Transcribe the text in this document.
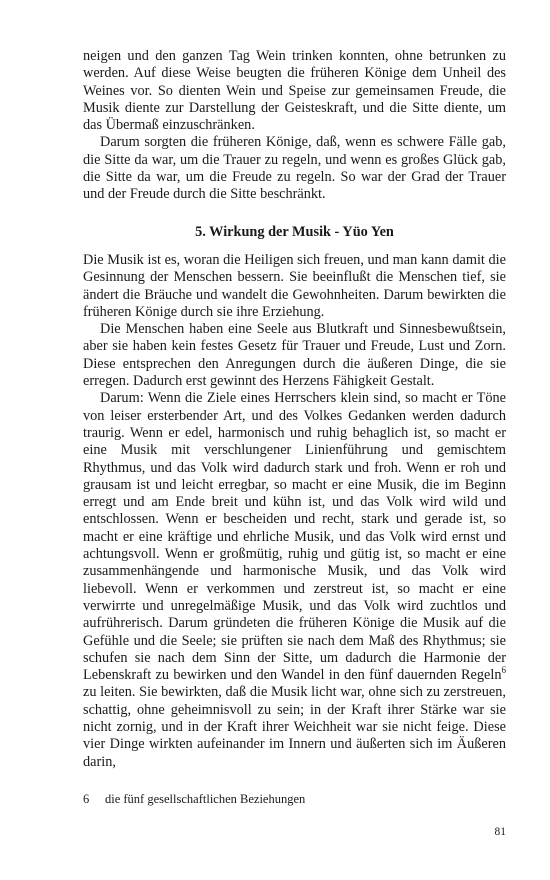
neigen und den ganzen Tag Wein trinken konnten, ohne betrunken zu werden. Auf diese Weise beugten die früheren Könige dem Unheil des Weines vor. So dienten Wein und Speise zur gemeinsamen Freude, die Musik diente zur Darstellung der Geisteskraft, und die Sitte diente, um das Übermaß einzuschränken.

Darum sorgten die früheren Könige, daß, wenn es schwere Fälle gab, die Sitte da war, um die Trauer zu regeln, und wenn es großes Glück gab, die Sitte da war, um die Freude zu regeln. So war der Grad der Trauer und der Freude durch die Sitte beschränkt.

5. Wirkung der Musik - Yüo Yen

Die Musik ist es, woran die Heiligen sich freuen, und man kann damit die Gesinnung der Menschen bessern. Sie beeinflußt die Menschen tief, sie ändert die Bräuche und wandelt die Gewohnheiten. Darum bewirkten die früheren Könige durch sie ihre Erziehung.

Die Menschen haben eine Seele aus Blutkraft und Sinnesbewußtsein, aber sie haben kein festes Gesetz für Trauer und Freude, Lust und Zorn. Diese entsprechen den Anregungen durch die äußeren Dinge, die sie erregen. Dadurch erst gewinnt des Herzens Fähigkeit Gestalt.

Darum: Wenn die Ziele eines Herrschers klein sind, so macht er Töne von leiser ersterbender Art, und des Volkes Gedanken werden dadurch traurig. Wenn er edel, harmonisch und ruhig behaglich ist, so macht er eine Musik mit verschlungener Linienführung und gemischtem Rhythmus, und das Volk wird dadurch stark und froh. Wenn er roh und grausam ist und leicht erregbar, so macht er eine Musik, die im Beginn erregt und am Ende breit und kühn ist, und das Volk wird wild und entschlossen. Wenn er bescheiden und recht, stark und gerade ist, so macht er eine kräftige und ehrliche Musik, und das Volk wird ernst und achtungsvoll. Wenn er großmütig, ruhig und gütig ist, so macht er eine zusammenhängende und harmonische Musik, und das Volk wird liebevoll. Wenn er verkommen und zerstreut ist, so macht er eine verwirrte und unregelmäßige Musik, und das Volk wird zuchtlos und aufrührerisch. Darum gründeten die früheren Könige die Musik auf die Gefühle und die Seele; sie prüften sie nach dem Maß des Rhythmus; sie schufen sie nach dem Sinn der Sitte, um dadurch die Harmonie der Lebenskraft zu bewirken und den Wandel in den fünf dauernden Regeln$^6$ zu leiten. Sie bewirkten, daß die Musik licht war, ohne sich zu zerstreuen, schattig, ohne geheimnisvoll zu sein; in der Kraft ihrer Stärke war sie nicht zornig, und in der Kraft ihrer Weichheit war sie nicht feige. Diese vier Dinge wirkten aufeinander im Innern und äußerten sich im Äußeren darin,

6 die fünf gesellschaftlichen Beziehungen
81
